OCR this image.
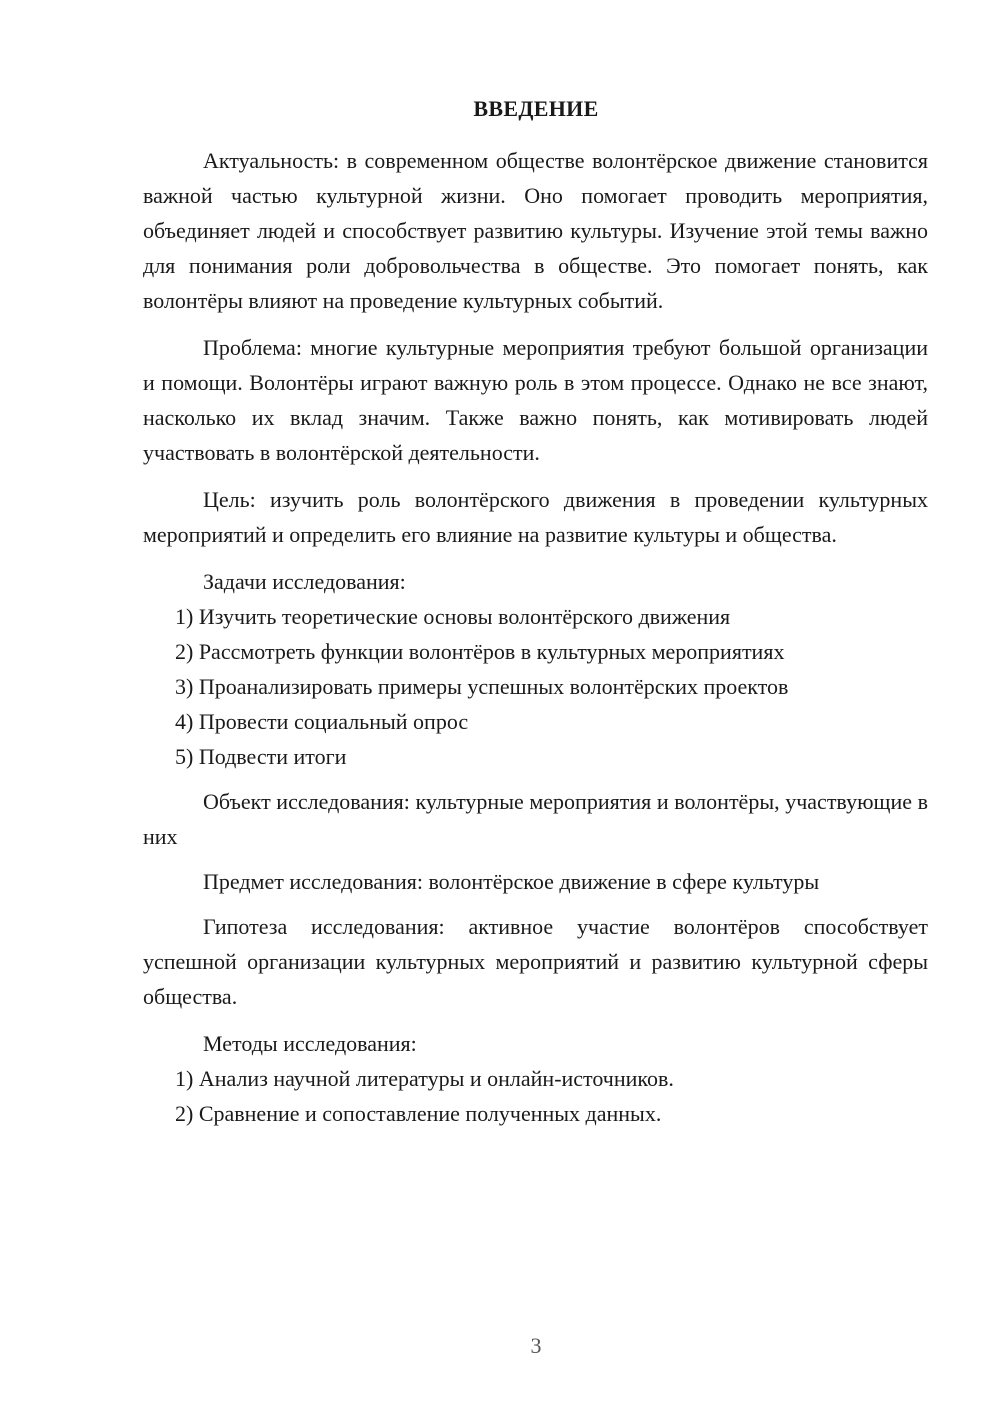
ВВЕДЕНИЕ

Актуальность: в современном обществе волонтёрское движение становится важной частью культурной жизни. Оно помогает проводить мероприятия, объединяет людей и способствует развитию культуры. Изучение этой темы важно для понимания роли добровольчества в обществе. Это помогает понять, как волонтёры влияют на проведение культурных событий.

Проблема: многие культурные мероприятия требуют большой организации и помощи. Волонтёры играют важную роль в этом процессе. Однако не все знают, насколько их вклад значим. Также важно понять, как мотивировать людей участвовать в волонтёрской деятельности.

Цель: изучить роль волонтёрского движения в проведении культурных мероприятий и определить его влияние на развитие культуры и общества.

Задачи исследования:

1) Изучить теоретические основы волонтёрского движения

2) Рассмотреть функции волонтёров в культурных мероприятиях

3) Проанализировать примеры успешных волонтёрских проектов

4) Провести социальный опрос

5) Подвести итоги

Объект исследования: культурные мероприятия и волонтёры, участвующие в них

Предмет исследования: волонтёрское движение в сфере культуры

Гипотеза исследования: активное участие волонтёров способствует успешной организации культурных мероприятий и развитию культурной сферы общества.

Методы исследования:

1) Анализ научной литературы и онлайн-источников.

2) Сравнение и сопоставление полученных данных.

3
